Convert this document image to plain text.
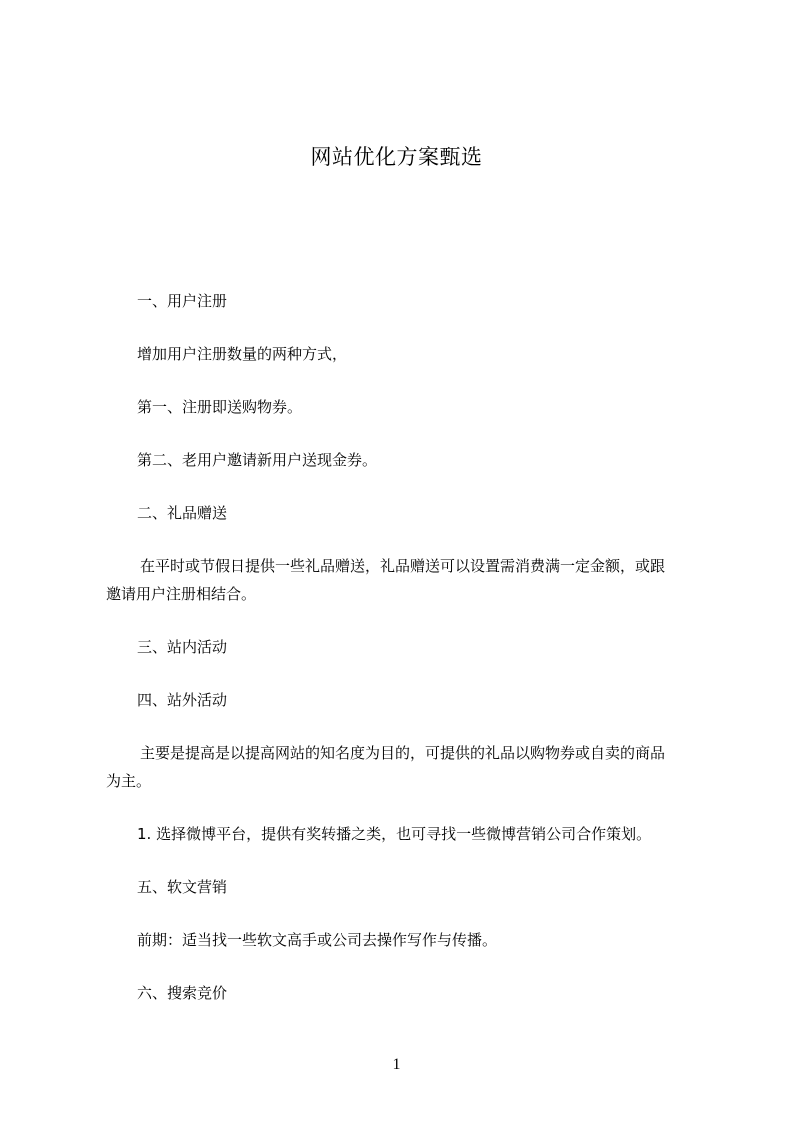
网站优化方案甄选
一、用户注册
增加用户注册数量的两种方式，
第一、注册即送购物券。
第二、老用户邀请新用户送现金券。
二、礼品赠送
在平时或节假日提供一些礼品赠送，礼品赠送可以设置需消费满一定金额，或跟
邀请用户注册相结合。
三、站内活动
四、站外活动
主要是提高是以提高网站的知名度为目的，可提供的礼品以购物券或自卖的商品
为主。
1. 选择微博平台，提供有奖转播之类，也可寻找一些微博营销公司合作策划。
五、软文营销
前期：适当找一些软文高手或公司去操作写作与传播。
六、搜索竞价
1
